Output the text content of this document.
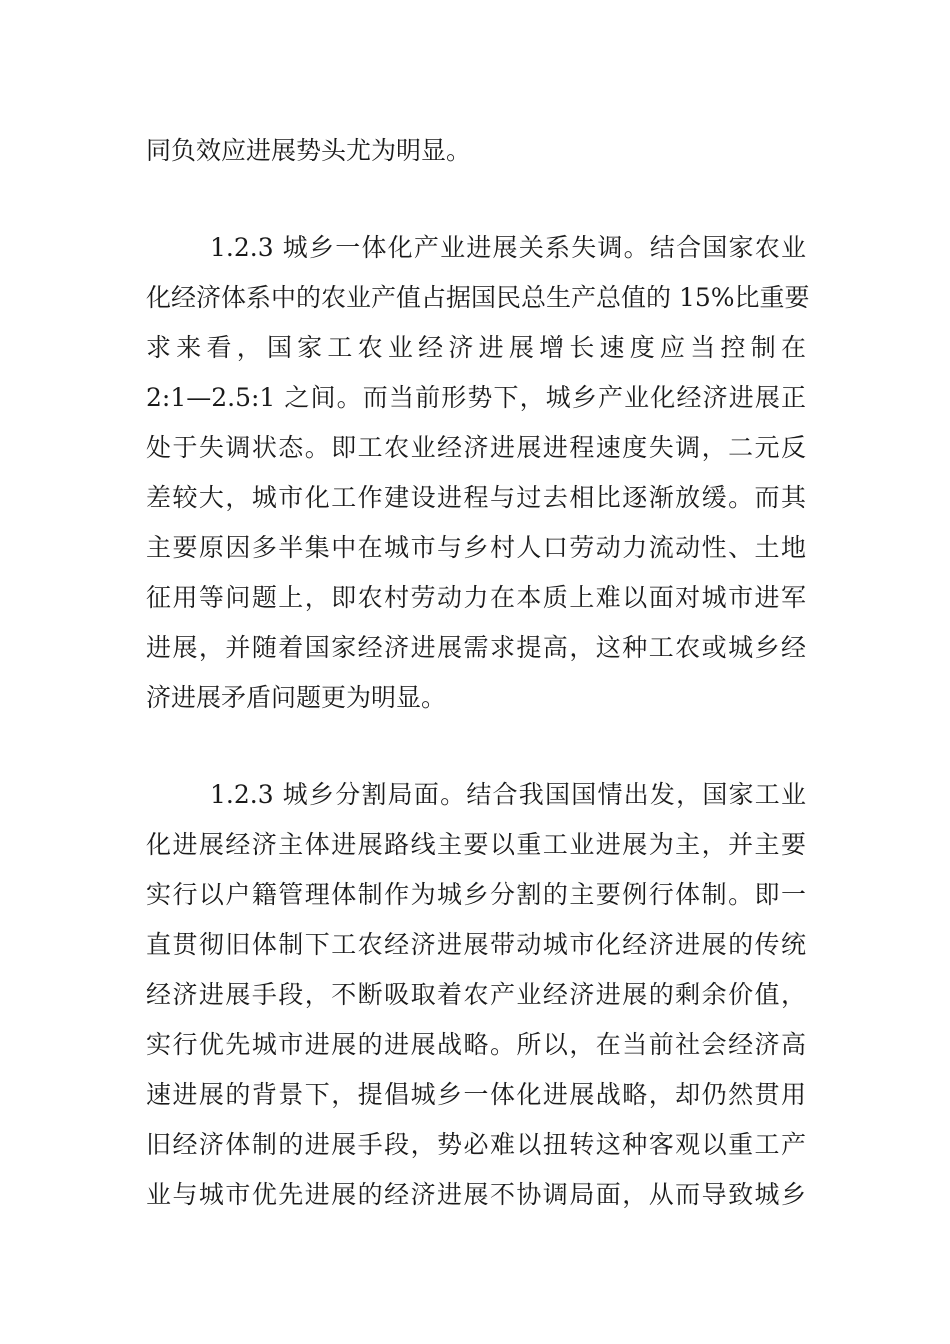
同负效应进展势头尤为明显。
1.2.3 城乡一体化产业进展关系失调。结合国家农业
化经济体系中的农业产值占据国民总生产总值的 15%比重要
求来看，国家工农业经济进展增长速度应当控制在
2:1—2.5:1 之间。而当前形势下，城乡产业化经济进展正
处于失调状态。即工农业经济进展进程速度失调，二元反
差较大，城市化工作建设进程与过去相比逐渐放缓。而其
主要原因多半集中在城市与乡村人口劳动力流动性、土地
征用等问题上，即农村劳动力在本质上难以面对城市进军
进展，并随着国家经济进展需求提高，这种工农或城乡经
济进展矛盾问题更为明显。
1.2.3 城乡分割局面。结合我国国情出发，国家工业
化进展经济主体进展路线主要以重工业进展为主，并主要
实行以户籍管理体制作为城乡分割的主要例行体制。即一
直贯彻旧体制下工农经济进展带动城市化经济进展的传统
经济进展手段，不断吸取着农产业经济进展的剩余价值，
实行优先城市进展的进展战略。所以，在当前社会经济高
速进展的背景下，提倡城乡一体化进展战略，却仍然贯用
旧经济体制的进展手段，势必难以扭转这种客观以重工产
业与城市优先进展的经济进展不协调局面，从而导致城乡
